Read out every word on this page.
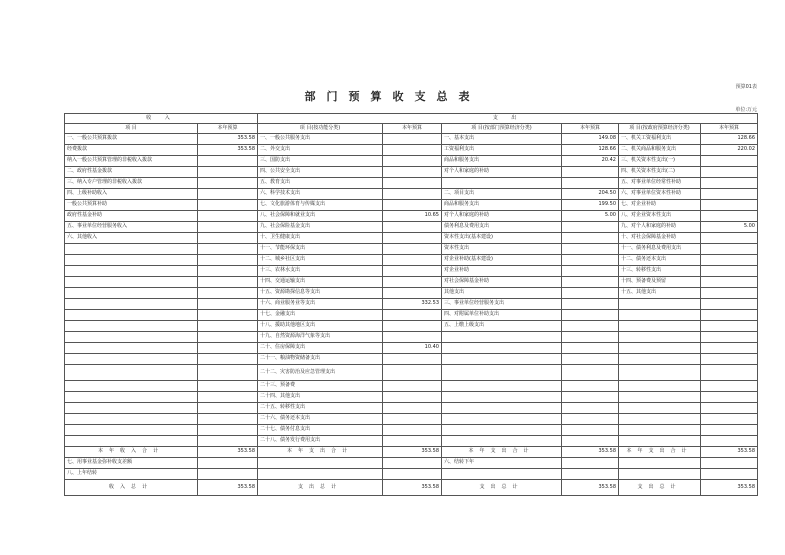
预算01表
部门预算收支总表
单位:万元
收 入		支 出					
项 目	本年预算	项 目(按功能分类)	本年预算	项 目(按部门预算经济分类)	本年预算	项 目(按政府预算经济分类)	本年预算
一、一般公共预算拨款	353.58	一、一般公共服务支出		一、基本支出	149.08	一、机关工资福利支出	128.66
经费拨款	353.58	二、外交支出		工资福利支出	128.66	二、机关商品和服务支出	220.02
纳入一般公共预算管理的非税收入拨款		三、国防支出		商品和服务支出	20.42	三、机关资本性支出(一)	
二、政府性基金拨款		四、公共安全支出		对个人和家庭的补助		四、机关资本性支出(二)	
三、纳入专户管理的非税收入拨款		五、教育支出				五、对事业单位经常性补助	
四、上级补助收入		六、科学技术支出		二、项目支出	204.50	六、对事业单位资本性补助	
一般公共预算补助		七、文化旅游体育与传媒支出		商品和服务支出	199.50	七、对企业补助	
政府性基金补助		八、社会保障和就业支出	10.65	对个人和家庭的补助	5.00	八、对企业资本性支出	
五、事业单位经营服务收入		九、社会保险基金支出		债务利息及费用支出		九、对个人和家庭的补助	5.00
六、其他收入		十、卫生健康支出		资本性支出(基本建设)		十、对社会保障基金补助	
		十一、节能环保支出		资本性支出		十一、债务利息及费用支出	
		十二、城乡社区支出		对企业补助(基本建设)		十二、债务还本支出	
		十三、农林水支出		对企业补助		十三、转移性支出	
		十四、交通运输支出		对社会保障基金补助		十四、预备费及预留	
		十五、资源勘探信息等支出		其他支出		十五、其他支出	
		十六、商业服务业等支出	332.53	三、事业单位经营服务支出			
		十七、金融支出		四、对附属单位补助支出			
		十八、援助其他地区支出		五、上缴上级支出			
		十九、自然资源海洋气象等支出					
		二十、住房保障支出	10.40				
		二十一、粮油物资储备支出					
		二十二、灾害防治及应急管理支出					
		二十三、预备费					
		二十四、其他支出					
		二十五、转移性支出					
		二十六、债务还本支出					
		二十七、债务付息支出					
		二十八、债务发行费用支出					
本年收入合计	353.58	本年支出合计	353.58	本年支出合计	353.58	本年支出合计	353.58
七、用事业基金弥补收支差额				六、结转下年			
八、上年结转							
收入总计	353.58	支出总计	353.58	支出总计	353.58	支出总计	353.58
